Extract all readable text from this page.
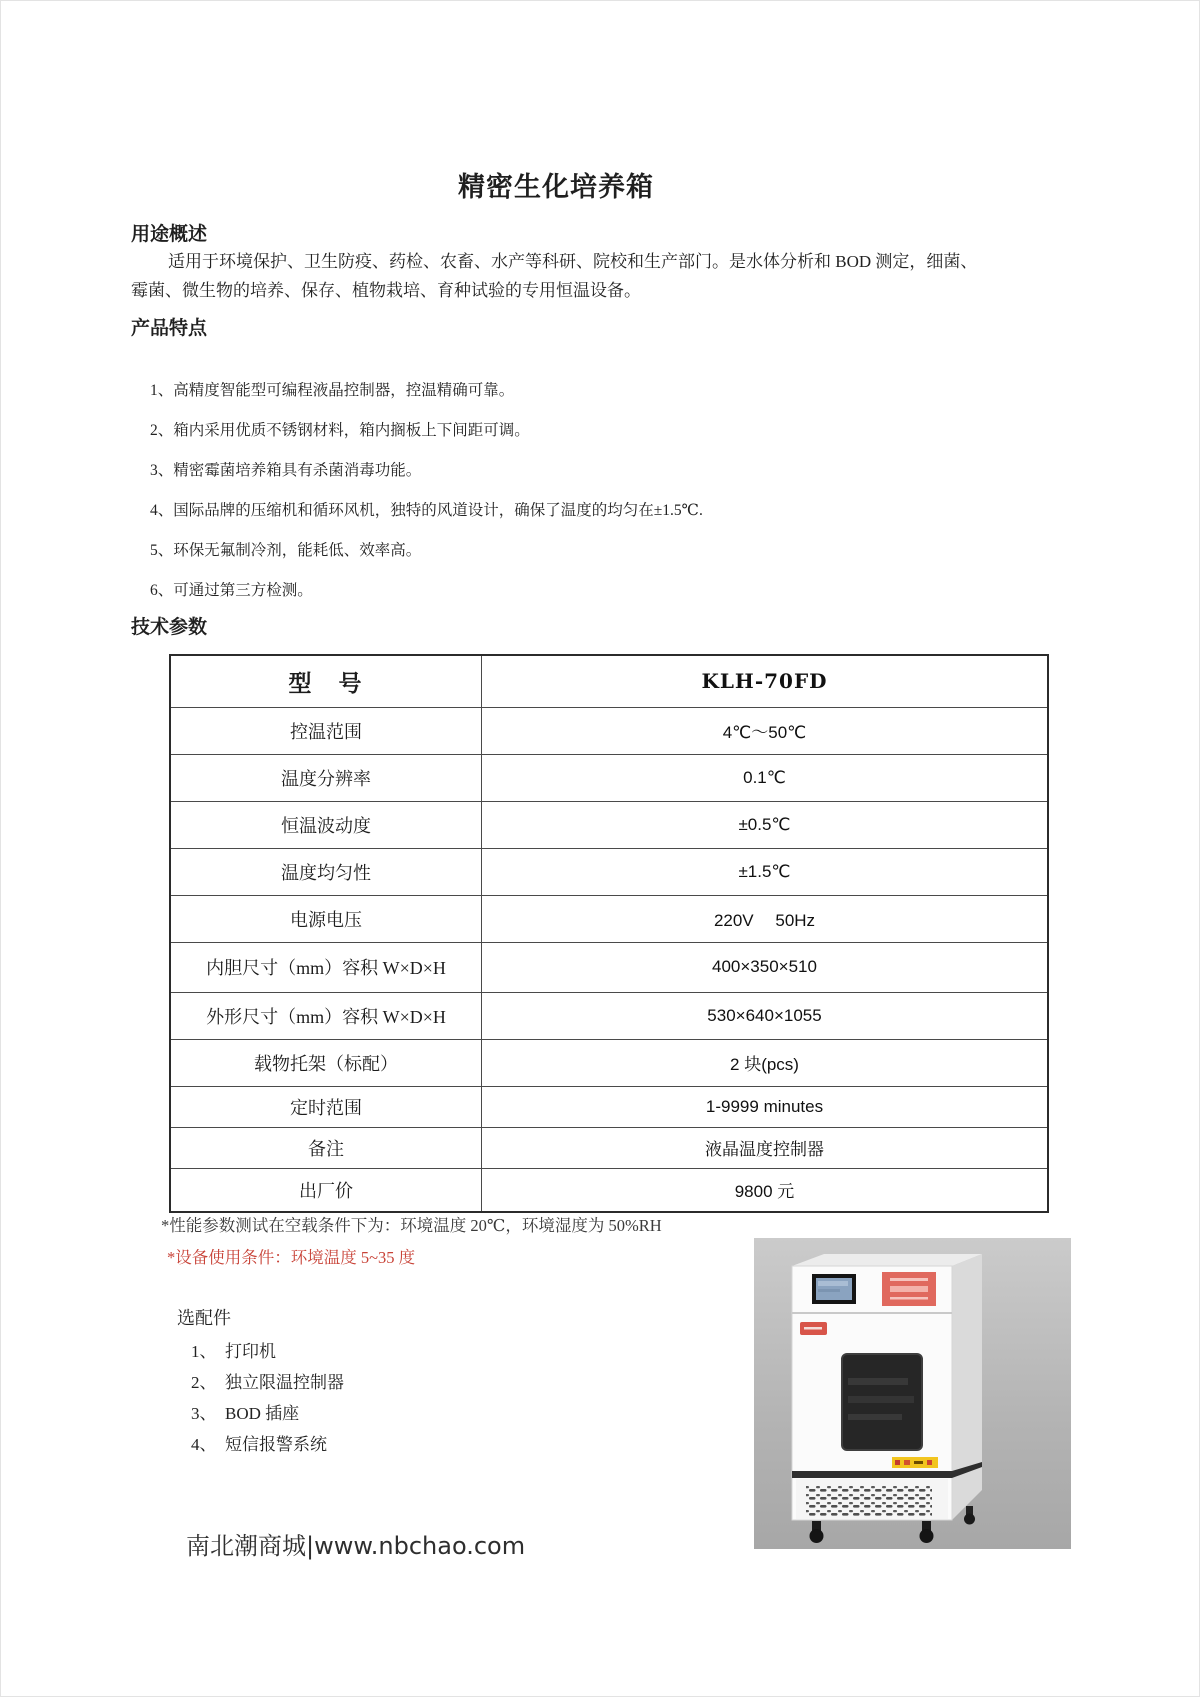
精密生化培养箱
用途概述
适用于环境保护、卫生防疫、药检、农畜、水产等科研、院校和生产部门。是水体分析和 BOD 测定，细菌、
霉菌、微生物的培养、保存、植物栽培、育种试验的专用恒温设备。
产品特点
1、高精度智能型可编程液晶控制器，控温精确可靠。
2、箱内采用优质不锈钢材料，箱内搁板上下间距可调。
3、精密霉菌培养箱具有杀菌消毒功能。
4、国际品牌的压缩机和循环风机，独特的风道设计，确保了温度的均匀在±1.5℃.
5、环保无氟制冷剂，能耗低、效率高。
6、可通过第三方检测。
技术参数
型　号	KLH-70FD
控温范围	4℃～50℃
温度分辨率	0.1℃
恒温波动度	±0.5℃
温度均匀性	±1.5℃
电源电压	220V　 50Hz
内胆尺寸（mm）容积 W×D×H	400×350×510
外形尺寸（mm）容积 W×D×H	530×640×1055
载物托架（标配）	2 块(pcs)
定时范围	1-9999 minutes
备注	液晶温度控制器
出厂价	9800 元
*性能参数测试在空载条件下为：环境温度 20℃，环境湿度为 50%RH
*设备使用条件：环境温度 5~35 度
选配件
1、　打印机
2、　独立限温控制器
3、　BOD 插座
4、　短信报警系统
南北潮商城|www.nbchao.com
